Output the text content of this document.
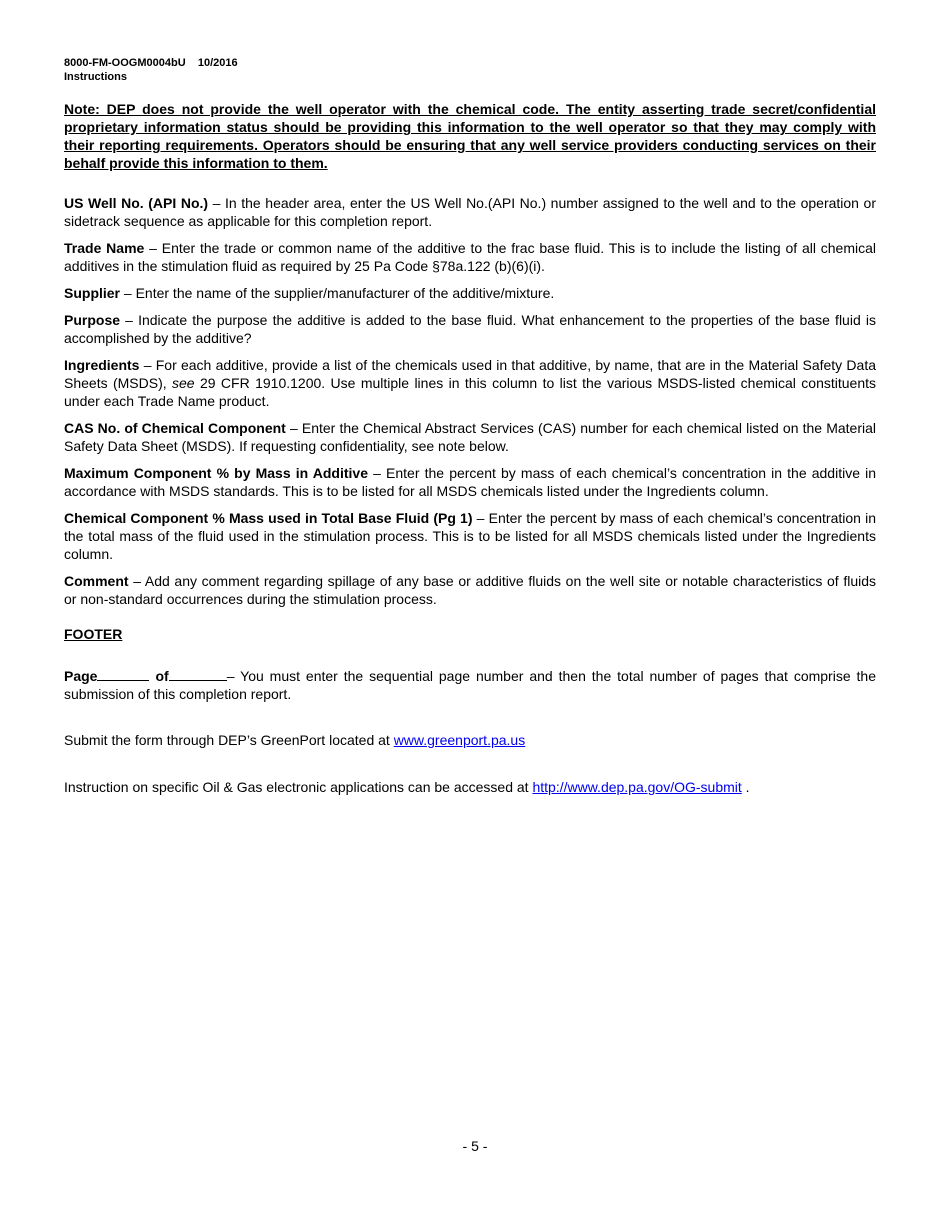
8000-FM-OOGM0004bU 10/2016
Instructions
Note: DEP does not provide the well operator with the chemical code. The entity asserting trade secret/confidential proprietary information status should be providing this information to the well operator so that they may comply with their reporting requirements. Operators should be ensuring that any well service providers conducting services on their behalf provide this information to them.

US Well No. (API No.) – In the header area, enter the US Well No.(API No.) number assigned to the well and to the operation or sidetrack sequence as applicable for this completion report.

Trade Name – Enter the trade or common name of the additive to the frac base fluid. This is to include the listing of all chemical additives in the stimulation fluid as required by 25 Pa Code §78a.122 (b)(6)(i).

Supplier – Enter the name of the supplier/manufacturer of the additive/mixture.

Purpose – Indicate the purpose the additive is added to the base fluid. What enhancement to the properties of the base fluid is accomplished by the additive?

Ingredients – For each additive, provide a list of the chemicals used in that additive, by name, that are in the Material Safety Data Sheets (MSDS), see 29 CFR 1910.1200. Use multiple lines in this column to list the various MSDS-listed chemical constituents under each Trade Name product.

CAS No. of Chemical Component – Enter the Chemical Abstract Services (CAS) number for each chemical listed on the Material Safety Data Sheet (MSDS). If requesting confidentiality, see note below.

Maximum Component % by Mass in Additive – Enter the percent by mass of each chemical’s concentration in the additive in accordance with MSDS standards. This is to be listed for all MSDS chemicals listed under the Ingredients column.

Chemical Component % Mass used in Total Base Fluid (Pg 1) – Enter the percent by mass of each chemical’s concentration in the total mass of the fluid used in the stimulation process. This is to be listed for all MSDS chemicals listed under the Ingredients column.

Comment – Add any comment regarding spillage of any base or additive fluids on the well site or notable characteristics of fluids or non-standard occurrences during the stimulation process.

FOOTER

Page	of	– You must enter the sequential page number and then the total number of pages that comprise the submission of this completion report.

Submit the form through DEP’s GreenPort located at www.greenport.pa.us
Instruction on specific Oil & Gas electronic applications can be accessed at http://www.dep.pa.gov/OG-submit .
- 5 -
